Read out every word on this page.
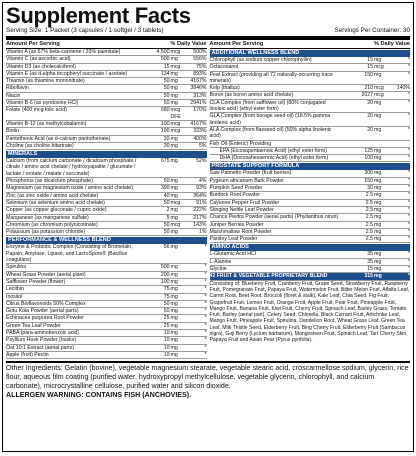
Supplement Facts
Serving Size: 1 Packet (3 capsules / 1 softgel / 3 tablets)	Servings Per Container: 30
Amount Per Serving	% Daily Value
Vitamin A (as 67% beta-carotene / 33% palmitate)	4,500 mcg	500%
Vitamin C (as ascorbic acid)	500 mg	556%
Vitamin D3 (as cholecalciferol)	15 mcg	75%
Vitamin E (as d-alpha tocopheryl succinate / acetate)	134 mg	893%
Thiamin (as thiamine mononitrate)	50 mg	4167%
Riboflavin	50 mg	3846%
Niacin	50 mg	313%
Vitamin B-6 (as pyridoxine HCl)	50 mg	2941%
Folate (400 mcg folic acid)	680 mcg DFE
170%
Vitamin B-12 (as methylcobalamin)	100 mcg	4167%
Biotin	100 mcg	333%
Pantothenic Acid (as d-calcium pantothenate)	20 mg	400%
Choline (as choline bitartrate)	30 mg	5%
MINERALS
Calcium (from calcium carbonate / dicalcium phosphate / citrate / amino acid chelate / hydroxyapatite / gluconate / lactate / orotate / malate / succinate)
675 mg	52%
Phosphorus (as dicalcium phosphate)	50 mg	4%
Magnesium (as magnesium oxide / amino acid chelate)	390 mg	93%
Zinc (as zinc oxide / amino acid chelate)	40 mg	364%
Selenium (as selenium amino acid chelate)	50 mcg	91%
Copper (as copper gluconate / cupric oxide)	2 mg	222%
Manganese (as manganese sulfate)	5 mg	217%
Chromium (as chromium polynicotinate)	50 mcg	143%
Potassium (as potassium chloride)	50 mg	1%
PERFORMANCE & WELLNESS BLEND
Enzyme & Probiotic Complex (Consisting of Bromelain, Papain, Amylase, Lipase, and LactoSpore® (Bacillus coagulans)
56 mg	*
Spirulina	500 mg	*
Wheat Grass Powder (aerial plant)	200 mg	*
Safflower Powder (flower)	100 mg	*
Lecithin	75 mg	*
Inositol	75 mg	*
Citrus Bioflavonoids 50% Complex	50 mg	*
Gotu Kola Powder (aerial parts)	50 mg	*
Echinacea purpurea Root Powder	25 mg	*
Green Tea Leaf Powder	25 mg	*
PABA (para-aminobenzoic acid)	10 mg	*
Psyllium Husk Powder (husks)	10 mg	*
Oat 10:1 Extract (aerial parts)	10 mg	*
Apple (fruit) Pectin	10 mg	*
Amount Per Serving	% Daily Value
ADDITIONAL WELLNESS BLEND
Chlorophyll (as sodium copper chlorophyllin)	15 mg	*
Octacosanol	15 mcg	*
Peat Extract (providing all 72 naturally-occurring trace minerals)
150 mg	*
Kelp (thallus)	210 mcg	140%
Boron (as boron amino acid chelate)	2027 mcg	*
CLA Complex (from safflower oil) (80% conjugated linoleic acid) (ethyl ester form)
20 mg	*
GLA Complex (from borage seed oil) (18.5% gamma linolenic acid)
20 mg	*
ALA Complex (from flaxseed oil) (50% alpha linolenic acid)
20 mg	*
Fish Oil (Enteric) Providing
EPA (Eicosapentaenoic Acid) (ethyl ester form)	125 mg	*
DHA (Docosahexaenoic Acid) (ethyl ester form)	100 mg	*
PROSTATE SUPPORT FORMULA
Saw Palmetto Powder (fruit berries)	300 mg	*
Pygeum africanum Bark Powder	150 mg	*
Pumpkin Seed Powder	30 mg	*
Burdock Root Powder	2.5 mg	*
Cayenne Pepper Fruit Powder	2.5 mg	*
Stinging Nettle Leaf Powder	2.5 mg	*
Chanca Piedra Powder (aerial parts) (Phyllanthus niruri)	2.5 mg	*
Juniper Berries Powder	2.5 mg	*
Marshmallow Root Powder	2.5 mg	*
Parsley Leaf Powder	2.5 mg	*
AMINO ACIDS
L-Glutamic Acid HCl	35 mg	*
L-Alanine	35 mg	*
Glycine	15 mg	*
42 FRUIT & VEGETABLE PROPRIETARY BLEND	315 mg	*
Consisting of: Blueberry Fruit, Cranberry Fruit, Grape Seed, Strawberry Fruit, Raspberry Fruit, Pomegranate Fruit, Papaya Fruit, Watermelon Fruit, Bitter Melon Fruit, Alfalfa Leaf, Carrot Root, Beet Root, Broccoli (floret & stalk), Kale Leaf, Chia Seed, Fig Fruit, Grapefruit Fruit, Lemon Fruit, Orange Fruit, Apple Fruit, Pear Fruit, Pineapple Fruit, Mango Fruit, Banana Fruit, Kiwi Fruit, Cherry Fruit, Spinach Leaf, Barley Grass, Tomato Fruit, Barley (aerial part), Celery Seed, Chlorella, Black Currant Fruit, Artichoke Leaf, Mango Fruit, Pineapple Fruit, Spirulina, Dandelion Root, Wheat Grass Leaf, Green Tea Leaf, Milk Thistle Seed, Elderberry Fruit, Bing Cherry Fruit, Elderberry Fruit (Sambucus nigra), Goji Berry (Lycium barbarum), Mangosteen Fruit, Spinach Leaf, Tart Cherry Skin, Papaya Fruit and Asian Pear (Pyrus pyrifolia).
Other Ingredients: Gelatin (bovine), vegetable magnesium stearate, vegetable stearic acid, croscarmellose sodium, glycerin, rice flour, aqueous film coating (purified water, hydroxypropyl methylcellulose, vegetable glycerin, chlorophyll, and calcium carbonate), microcrystalline cellulose, purified water and silicon dioxide.
ALLERGEN WARNING: CONTAINS FISH (ANCHOVIES).
